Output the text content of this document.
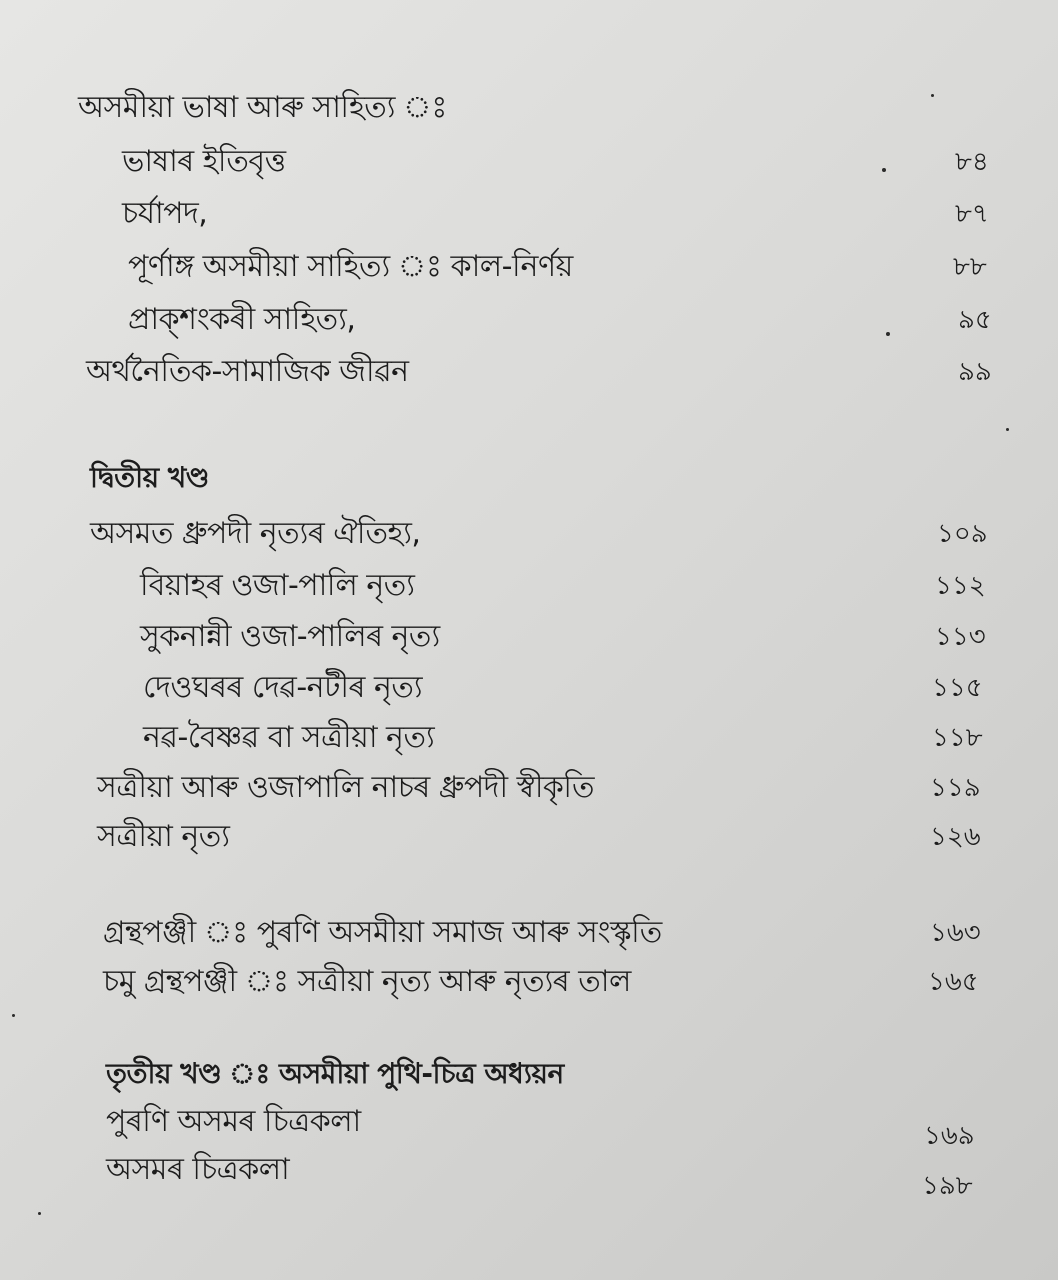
অসমীয়া ভাষা আৰু সাহিত্য ঃ
ভাষাৰ ইতিবৃত্ত	৮৪
চৰ্যাপদ,	৮৭
পূৰ্ণাঙ্গ অসমীয়া সাহিত্য ঃ কাল-নিৰ্ণয়	৮৮
প্ৰাক্‌শংকৰী সাহিত্য,	৯৫
অৰ্থনৈতিক-সামাজিক জীৱন	৯৯
দ্বিতীয় খণ্ড
অসমত ধ্ৰুপদী নৃত্যৰ ঐতিহ্য,	১০৯
বিয়াহৰ ওজা-পালি নৃত্য	১১২
সুকনান্নী ওজা-পালিৰ নৃত্য	১১৩
দেওঘৰৰ দেৱ-নটীৰ নৃত্য	১১৫
নৱ-বৈষ্ণৱ বা সত্ৰীয়া নৃত্য	১১৮
সত্ৰীয়া আৰু ওজাপালি নাচৰ ধ্ৰুপদী স্বীকৃতি	১১৯
সত্ৰীয়া নৃত্য	১২৬
গ্ৰন্থপঞ্জী ঃ পুৰণি অসমীয়া সমাজ আৰু সংস্কৃতি	১৬৩
চমু গ্ৰন্থপঞ্জী ঃ সত্ৰীয়া নৃত্য আৰু নৃত্যৰ তাল	১৬৫
তৃতীয় খণ্ড ঃ অসমীয়া পুথি-চিত্ৰ অধ্যয়ন
পুৰণি অসমৰ চিত্ৰকলা	১৬৯
অসমৰ চিত্ৰকলা	১৯৮
